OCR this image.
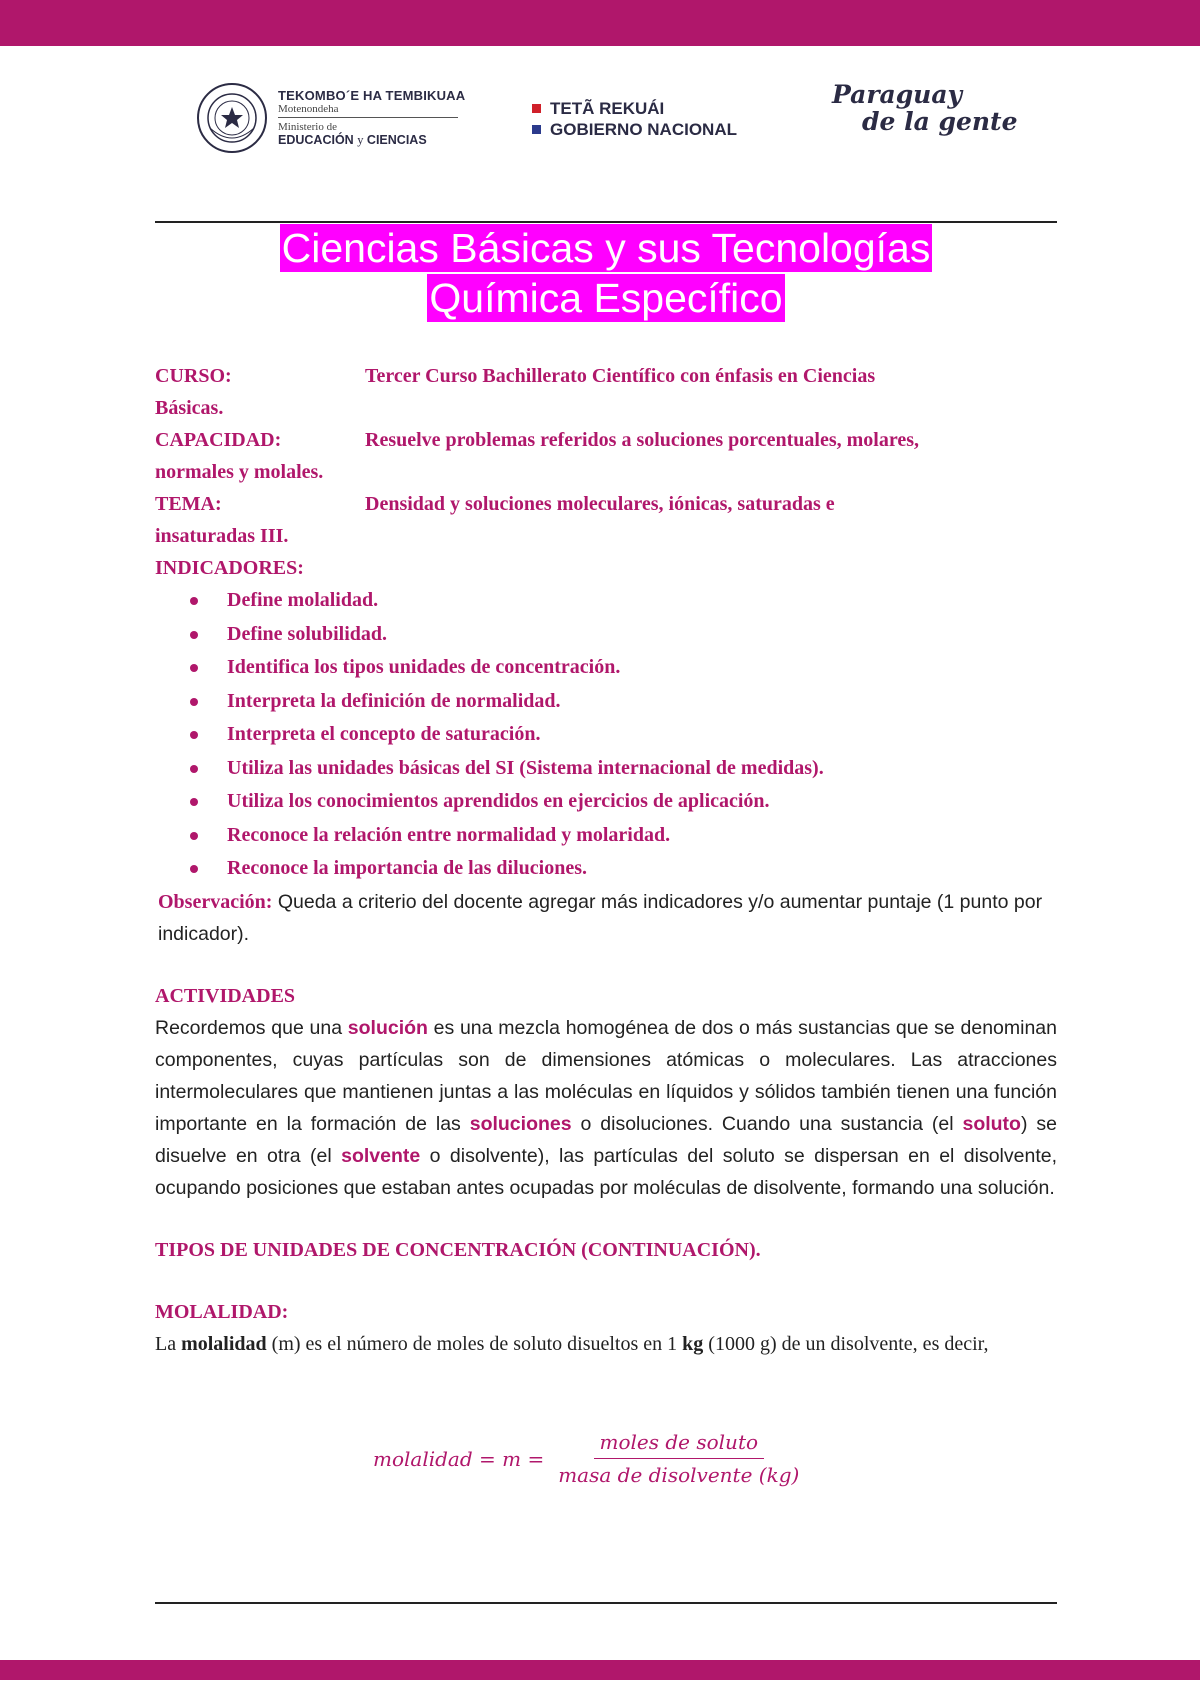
TEKOMBO´E HA TEMBIKUAA
Motenondeha
Ministerio de
EDUCACIÓN y CIENCIAS
TETÃ REKUÁI
GOBIERNO NACIONAL
Paraguay
de la gente
Ciencias Básicas y sus Tecnologías
Química Específico

CURSO:	Tercer Curso Bachillerato Científico con énfasis en Ciencias
Básicas.

CAPACIDAD:	Resuelve problemas referidos a soluciones porcentuales, molares,
normales y molales.

TEMA:	Densidad y soluciones moleculares, iónicas, saturadas e
insaturadas III.

INDICADORES:

Define molalidad.
Define solubilidad.
Identifica los tipos unidades de concentración.
Interpreta la definición de normalidad.
Interpreta el concepto de saturación.
Utiliza las unidades básicas del SI (Sistema internacional de medidas).
Utiliza los conocimientos aprendidos en ejercicios de aplicación.
Reconoce la relación entre normalidad y molaridad.
Reconoce la importancia de las diluciones.

Observación: Queda a criterio del docente agregar más indicadores y/o aumentar puntaje (1 punto por indicador).

ACTIVIDADES

Recordemos que una solución es una mezcla homogénea de dos o más sustancias que se denominan componentes, cuyas partículas son de dimensiones atómicas o moleculares. Las atracciones intermoleculares que mantienen juntas a las moléculas en líquidos y sólidos también tienen una función importante en la formación de las soluciones o disoluciones. Cuando una sustancia (el soluto) se disuelve en otra (el solvente o disolvente), las partículas del soluto se dispersan en el disolvente, ocupando posiciones que estaban antes ocupadas por moléculas de disolvente, formando una solución.

TIPOS DE UNIDADES DE CONCENTRACIÓN (CONTINUACIÓN).

MOLALIDAD:

La molalidad (m) es el número de moles de soluto disueltos en 1 kg (1000 g) de un disolvente, es decir,

molalidad = $m = \frac{\text{moles de soluto}}{\text{masa de disolvente (kg)}}$
